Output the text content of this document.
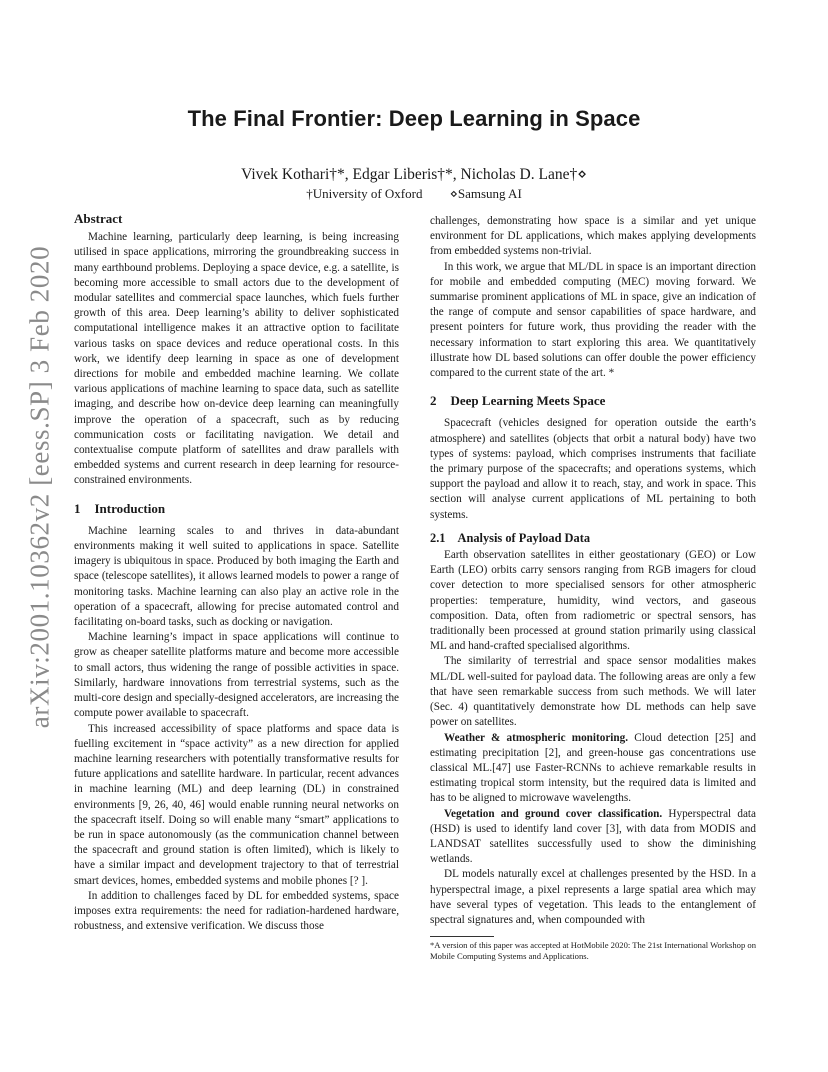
The Final Frontier: Deep Learning in Space
Vivek Kothari†*, Edgar Liberis†*, Nicholas D. Lane†⋄
†University of Oxford ⋄Samsung AI
arXiv:2001.10362v2 [eess.SP] 3 Feb 2020
Abstract

Machine learning, particularly deep learning, is being increasing utilised in space applications, mirroring the groundbreaking success in many earthbound problems. Deploying a space device, e.g. a satellite, is becoming more accessible to small actors due to the development of modular satellites and commercial space launches, which fuels further growth of this area. Deep learning’s ability to deliver sophisticated computational intelligence makes it an attractive option to facilitate various tasks on space devices and reduce operational costs. In this work, we identify deep learning in space as one of development directions for mobile and embedded machine learning. We collate various applications of machine learning to space data, such as satellite imaging, and describe how on-device deep learning can meaningfully improve the operation of a spacecraft, such as by reducing communication costs or facilitating navigation. We detail and contextualise compute platform of satellites and draw parallels with embedded systems and current research in deep learning for resource-constrained environments.

1 Introduction

Machine learning scales to and thrives in data-abundant environments making it well suited to applications in space. Satellite imagery is ubiquitous in space. Produced by both imaging the Earth and space (telescope satellites), it allows learned models to power a range of monitoring tasks. Machine learning can also play an active role in the operation of a spacecraft, allowing for precise automated control and facilitating on-board tasks, such as docking or navigation.

Machine learning’s impact in space applications will continue to grow as cheaper satellite platforms mature and become more accessible to small actors, thus widening the range of possible activities in space. Similarly, hardware innovations from terrestrial systems, such as the multi-core design and specially-designed accelerators, are increasing the compute power available to spacecraft.

This increased accessibility of space platforms and space data is fuelling excitement in “space activity” as a new direction for applied machine learning researchers with potentially transformative results for future applications and satellite hardware. In particular, recent advances in machine learning (ML) and deep learning (DL) in constrained environments [9, 26, 40, 46] would enable running neural networks on the spacecraft itself. Doing so will enable many “smart” applications to be run in space autonomously (as the communication channel between the spacecraft and ground station is often limited), which is likely to have a similar impact and development trajectory to that of terrestrial smart devices, homes, embedded systems and mobile phones [? ].

In addition to challenges faced by DL for embedded systems, space imposes extra requirements: the need for radiation-hardened hardware, robustness, and extensive verification. We discuss those

challenges, demonstrating how space is a similar and yet unique environment for DL applications, which makes applying developments from embedded systems non-trivial.

In this work, we argue that ML/DL in space is an important direction for mobile and embedded computing (MEC) moving forward. We summarise prominent applications of ML in space, give an indication of the range of compute and sensor capabilities of space hardware, and present pointers for future work, thus providing the reader with the necessary information to start exploring this area. We quantitatively illustrate how DL based solutions can offer double the power efficiency compared to the current state of the art. *

2 Deep Learning Meets Space

Spacecraft (vehicles designed for operation outside the earth’s atmosphere) and satellites (objects that orbit a natural body) have two types of systems: payload, which comprises instruments that faciliate the primary purpose of the spacecrafts; and operations systems, which support the payload and allow it to reach, stay, and work in space. This section will analyse current applications of ML pertaining to both systems.

2.1 Analysis of Payload Data

Earth observation satellites in either geostationary (GEO) or Low Earth (LEO) orbits carry sensors ranging from RGB imagers for cloud cover detection to more specialised sensors for other atmospheric properties: temperature, humidity, wind vectors, and gaseous composition. Data, often from radiometric or spectral sensors, has traditionally been processed at ground station primarily using classical ML and hand-crafted specialised algorithms.

The similarity of terrestrial and space sensor modalities makes ML/DL well-suited for payload data. The following areas are only a few that have seen remarkable success from such methods. We will later (Sec. 4) quantitatively demonstrate how DL methods can help save power on satellites.

Weather & atmospheric monitoring. Cloud detection [25] and estimating precipitation [2], and green-house gas concentrations use classical ML.[47] use Faster-RCNNs to achieve remarkable results in estimating tropical storm intensity, but the required data is limited and has to be aligned to microwave wavelengths.

Vegetation and ground cover classification. Hyperspectral data (HSD) is used to identify land cover [3], with data from MODIS and LANDSAT satellites successfully used to show the diminishing wetlands.

DL models naturally excel at challenges presented by the HSD. In a hyperspectral image, a pixel represents a large spatial area which may have several types of vegetation. This leads to the entanglement of spectral signatures and, when compounded with

*A version of this paper was accepted at HotMobile 2020: The 21st International Workshop on Mobile Computing Systems and Applications.
